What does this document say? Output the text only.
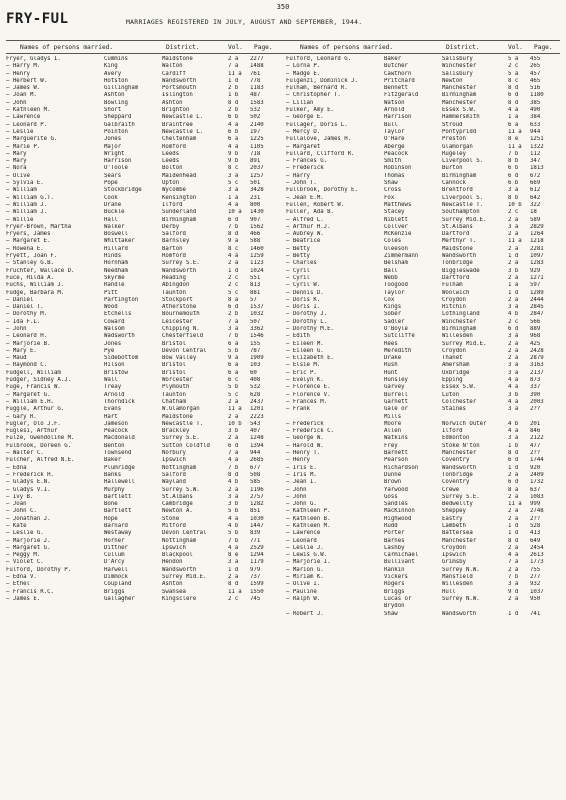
350
FRY-FUL	MARRIAGES REGISTERED IN JULY, AUGUST AND SEPTEMBER, 1944.
Names of persons married.	District.	Vol. Page.	Names of persons married.	District.	Vol. Page.
Fryer, Gladys I.	Cummins	Maidstone	2 a	2277
— Harry M.	King	Walton	7 a	1488
— Henry	Avery	Cardiff	11 a	761
— Herbert W.	Hotston	Wandsworth	1 d	778
— James W.	Gillingham	Portsmouth	2 b	1183
— Joan M.	Ashton	Islington	1 b	487
— John	Bowling	Ashton	8 d	1583
— Kathleen M.	Short	Brighton	2 b	532
— Lawrence	Sheppard	Newcastle L.	6 b	502
— Leonard P.	Galbraith	Braintree	4 a	2140
— Leslie	Pointon	Newcastle L.	6 b	197
— Marguerite G.	Jones	Cheltenham	6 a	1225
— Marie P.	Major	Romford	4 a	1105
— Mary	Wright	Leeds	9 b	718
— Mary	Harrison	Leeds	9 b	891
— Nora	O'Toole	Bolton	8 c	2037
— Olive	Sears	Maidenhead	3 a	1257
— Sylvia E.	Pope	Upton	5 c	501
— William	Stockbridge	Wycombe	3 a	3428
— William G.T.	Cook	Kensington	1 a	231
— William J.	Drane	Ilford	4 a	800
— William J.	Buckle	Sunderland	10 a	1430
— Willie	Hall	Birmingham	6 d	907
Fryer-Brown, Martha	Walker	Derby	7 b	1562
Fryers, James	Boswell	Salford	8 d	466
— Margaret E.	Whittaker	Barnsley	9 a	588
— Rowena E.	Hillard	Barton	8 c	1460
Fryett, Joan F.	Hinds	Romford	4 a	1259
— Stanley G.B.	Hornham	Surrey S.E.	2 a	1123
Fruchter, Wallace D.	Needham	Wandsworth	1 d	1024
Fuce, Hilda A.	Skyrme	Reading	2 c	551
Fuchs, William J.	Randle	Abingdon	2 c	813
Fudge, Barbara M.	Pitt	Taunton	5 c	881
— Daniel	Partington	Stockport	8 a	57
— Daniel T.	Wood	Atherstone	6 d	1537
— Dorothy M.	Etchells	Bournemouth	2 b	1032
— Ida F.L.	Coward	Leicester	7 a	507
— John	Walsom	Chipping N.	3 a	3362
— Leonard H.	Wadsworth	Chesterfield	7 b	1546
— Marjorie B.	Jones	Bristol	6 a	155
— Mary E.	Pye	Devon Central	5 b	787
— Maud	Sidebottom	Bow Valley	9 a	1909
— Raymond C.	Hilson	Bristol	6 a	103
Fudgell, William	Bristow	Bristol	6 a	60
Fudger, Sidney A.J.	Wall	Worcester	6 c	408
Fuge, Francis W.	Treay	Plymouth	5 b	532
— Margaret G.	Arnold	Taunton	5 c	628
— William E.H.	Thorndick	Chatham	2 a	2437
Fuggle, Arthur G.	Evans	W.Glamorgan	11 a	1201
— Gary R.	Hart	Maidstone	2 a	2223
Fugler, Olo J.F.	Jameson	Newcastle T.	10 b	543
Fuglesi, Arthur	Peacock	Brackley	3 b	407
Fulze, Gwendoline M.	Macdonald	Surrey S.E.	2 a	1248
Fulbrook, Doreen G.	Benton	Sutton Coldfld	6 d	1394
— Walter C.	Townsend	Norbury	7 a	944
Fulcher, Alfred N.E.	Baker	Ipswich	4 a	2685
— Edna	Plumridge	Nottingham	7 b	677
— Frederick H.	Banks	Salford	8 d	508
— Gladys E.N.	Hallewell	Wayland	4 b	585
— Gladys V.I.	Murphy	Surrey S.W.	2 a	1196
— Ivy B.	Bartlett	St.Albans	3 a	2757
— Joan	Bone	Cambridge	3 b	1282
— John C.	Bartlett	Newton A.	5 b	851
— Jonathan J.	Rope	Stone	4 a	1030
— Kate	Barnard	Mitford	4 b	1447
— Leslie G.	Westaway	Devon Central	5 b	839
— Marjorie J.	Horner	Nottingham	7 b	771
— Margaret G.	Dittner	Ipswich	4 a	2529
— Peggy M.	Cullum	Blackpool	8 e	1294
— Violet C.	D'Arcy	Hendon	3 a	1179
Fulford, Dorothy P.	Harwell	Wandsworth	1 d	979
— Edna V.	Dimmock	Surrey Mid.E.	2 a	737
— Ethel	Coupland	Ashton	8 d	1599
— Francis R.C.	Briggs	Swansea	11 a	1550
— James E.	Gallagher	Kingsclere	2 c	745
Fulford, Leonard G.	Baker	Salisbury	5 a	455
— Lorna P.	Butcher	Winchester	2 c	265
— Madge E.	Cawthorn	Salisbury	5 a	457
Fulgenzi, Dominick J.	Pritchard	Newton	8 c	465
Fulham, Bernard R.	Bennett	Manchester	8 d	516
— Christopher T.	Fitzgerald	Birmingham	6 d	1180
— Lilian	Watson	Manchester	8 d	385
Fulker, Amy E.	Arnold	Essex S.W.	4 a	490
— George E.	Harrison	Hammersmith	1 a	384
Fullager, Doris L.	Bull	Stroud	6 a	633
— Mercy D.	Taylor	Pontypridd	11 a	944
Fullalove, James H.	O'Hare	Preston	8 e	1251
— Margaret	Aberge	Glamorgan	11 a	1322
Fullard, Clifford R.	Peacock	Rugeley	7 b	112
— Frances G.	Smith	Liverpool S.	8 b	347
— Frederick	Robinson	Burton	6 b	1813
— Harry	Thomas	Birmingham	6 d	672
— John T.	Shaw	Cannock	6 b	669
Fullbrook, Dorothy E.	Cross	Brentford	3 a	612
— Jean E.M.	Fox	Liverpool S.	8 b	642
Fullen, Robert W.	Matthews	Newcastle T.	10 b	322
Fuller, Ada B.	Stacey	Southampton	2 c	18
— Alfred L.	Niblett	Surrey Mid.E.	2 a	589
— Arthur H.J.	Collver	St.Albans	3 a	2829
— Aubrey W.	McKenzie	Dartford	2 a	1264
— Beatrice	Coles	Merthyr T.	11 a	1218
— Betty	Gleeson	Maidstone	2 a	2281
— Betty	Zimmermann	Wandsworth	1 d	1097
— Charles	Belsham	Tonbridge	2 a	1283
— Cyril	Ball	Biggleswade	3 b	929
— Cyril	Webb	Dartford	2 a	1271
— Cyril W.	Toogood	Fulham	1 a	597
— Dennis D.	Taylor	Woolwich	1 d	1289
— Doris K.	Cox	Croydon	2 a	2444
— Doris I.	Kings	Hitchin	3 a	2845
— Dorothy J.	Sober	Lothingland	4 b	2847
— Dorothy L.	Sadler	Winchester	2 c	566
— Dorothy M.E.	O'Boyle	Birmingham	6 d	889
— Edith	Sutcliffe	Willesden	3 a	968
— Eileen M.	Rees	Surrey Mid.E.	2 a	425
— Eileen G.	Meredith	Croydon	2 a	2428
— Elizabeth E.	Drake	Thanet	2 a	2879
— Elsie M.	Rush	Amersham	3 a	3163
— Eric P.	Hunt	Uxbridge	3 a	2137
— Evelyn K.	Hunsley	Epping	4 a	873
— Florence E.	Garvey	Essex S.W.	4 a	337
— Florence V.	Burrell	Luton	3 b	390
— Frances M.	Garnett	Colchester	4 a	2003
— Frank	Gale or	Staines	3 a	2??
Mills
— Frederick	Moore	Norwich Outer	4 b	201
— Frederick C.	Allen	Ilford	4 a	846
— George W.	Watkins	Edmonton	3 a	2122
— Harold W.	Frey	Stoke N'ton	1 b	477
— Henry T.	Barnett	Manchester	8 d	2??
— Henry	Pearson	Coventry	6 d	1744
— Iris E.	Richardson	Wandsworth	1 d	920
— Iris M.	Dunne	Tonbridge	2 a	2409
— Jean I.	Brown	Coventry	6 d	1732
— John	Yarwood	Crewe	8 a	637
— John	Goss	Surrey S.E.	2 a	1083
— John G.	Sandles	Bedwellty	11 a	999
— Kathleen P.	MacKinnon	Sheppey	2 a	2748
— Kathleen B.	Highwood	Eastry	2 a	2??
— Kathleen M.	Rudd	Lambeth	1 d	528
— Lawrence	Porter	Battersea	1 d	413
— Leonard	Barnes	Manchester	8 d	649
— Leslie J.	Lashby	Croydon	2 a	2454
— Lewis G.W.	Carmichael	Ipswich	4 a	2613
— Marjorie I.	Bullivant	Grimsby	7 a	1773
— Marion G.	Rankin	Surrey N.W.	2 a	755
— Miriam K.	Vickers	Mansfield	7 b	277
— Olive I.	Rogers	Willesden	3 a	932
— Pauline	Briggs	Hull	9 d	1037
— Ralph W.	Lucas or	Surrey N.W.	2 a	950
Brydon
— Robert J.	Shaw	Wandsworth	1 d	741
